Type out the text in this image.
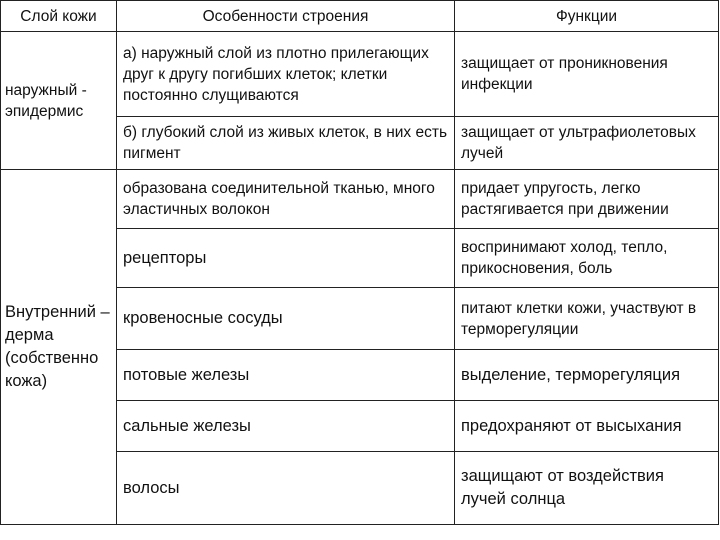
Слой кожи	Особенности строения	Функции
наружный - эпидермис	а) наружный слой из плотно прилегающих друг к другу погибших клеток; клетки постоянно слущиваются	защищает от проникновения инфекции
	б) глубокий слой из живых клеток, в них есть пигмент	защищает от ультрафиолетовых лучей
Внутренний – дерма (собственно кожа)	образована соединительной тканью, много эластичных волокон	придает упругость, легко растягивается при движении
	рецепторы	воспринимают холод, тепло, прикосновения, боль
	кровеносные сосуды	питают клетки кожи, участвуют в терморегуляции
	потовые железы	выделение, терморегуляция
	сальные железы	предохраняют от высыхания
	волосы	защищают от воздействия лучей солнца
